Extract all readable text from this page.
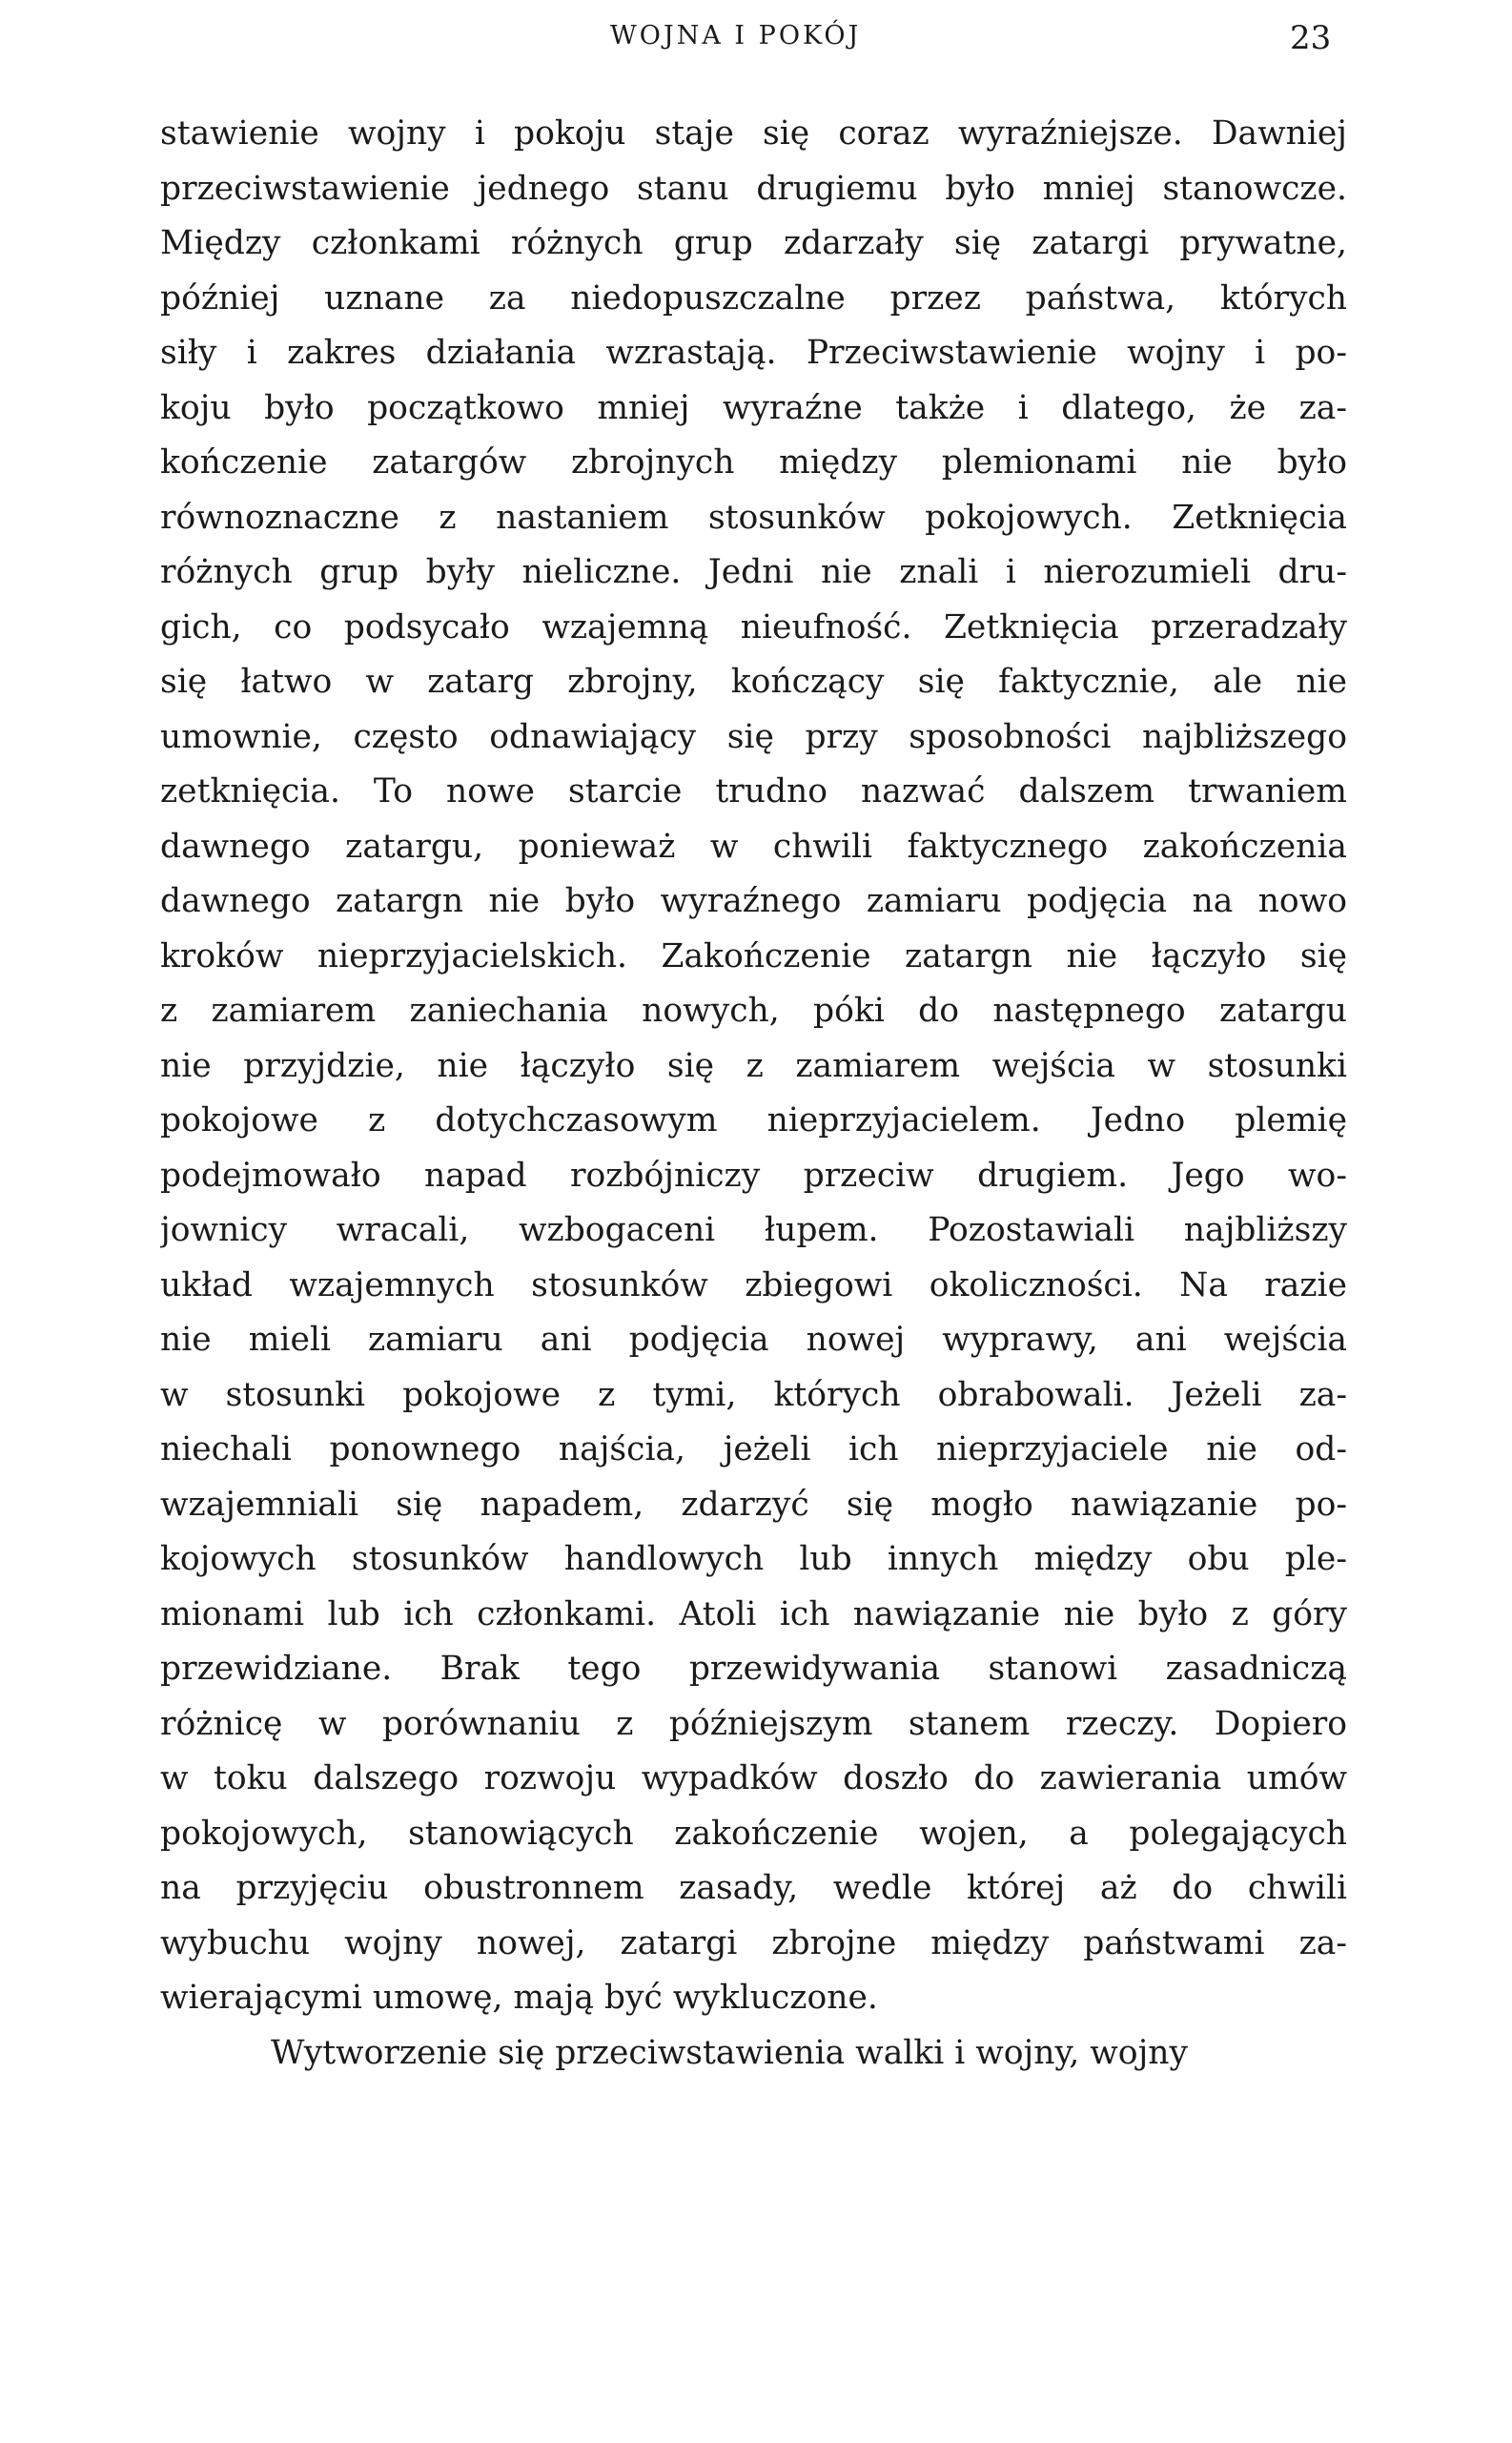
WOJNA I POKÓJ	23
stawienie wojny i pokoju staje się coraz wyraźniejsze. Dawniej
przeciwstawienie jednego stanu drugiemu było mniej stanowcze.
Między członkami różnych grup zdarzały się zatargi prywatne,
później uznane za niedopuszczalne przez państwa, których
siły i zakres działania wzrastają. Przeciwstawienie wojny i po-
koju było początkowo mniej wyraźne także i dlatego, że za-
kończenie zatargów zbrojnych między plemionami nie było
równoznaczne z nastaniem stosunków pokojowych. Zetknięcia
różnych grup były nieliczne. Jedni nie znali i nierozumieli dru-
gich, co podsycało wzajemną nieufność. Zetknięcia przeradzały
się łatwo w zatarg zbrojny, kończący się faktycznie, ale nie
umownie, często odnawiający się przy sposobności najbliższego
zetknięcia. To nowe starcie trudno nazwać dalszem trwaniem
dawnego zatargu, ponieważ w chwili faktycznego zakończenia
dawnego zatargn nie było wyraźnego zamiaru podjęcia na nowo
kroków nieprzyjacielskich. Zakończenie zatargn nie łączyło się
z zamiarem zaniechania nowych, póki do następnego zatargu
nie przyjdzie, nie łączyło się z zamiarem wejścia w stosunki
pokojowe z dotychczasowym nieprzyjacielem. Jedno plemię
podejmowało napad rozbójniczy przeciw drugiem. Jego wo-
jownicy wracali, wzbogaceni łupem. Pozostawiali najbliższy
układ wzajemnych stosunków zbiegowi okoliczności. Na razie
nie mieli zamiaru ani podjęcia nowej wyprawy, ani wejścia
w stosunki pokojowe z tymi, których obrabowali. Jeżeli za-
niechali ponownego najścia, jeżeli ich nieprzyjaciele nie od-
wzajemniali się napadem, zdarzyć się mogło nawiązanie po-
kojowych stosunków handlowych lub innych między obu ple-
mionami lub ich członkami. Atoli ich nawiązanie nie było z góry
przewidziane. Brak tego przewidywania stanowi zasadniczą
różnicę w porównaniu z późniejszym stanem rzeczy. Dopiero
w toku dalszego rozwoju wypadków doszło do zawierania umów
pokojowych, stanowiących zakończenie wojen, a polegających
na przyjęciu obustronnem zasady, wedle której aż do chwili
wybuchu wojny nowej, zatargi zbrojne między państwami za-
wierającymi umowę, mają być wykluczone.
Wytworzenie się przeciwstawienia walki i wojny, wojny
